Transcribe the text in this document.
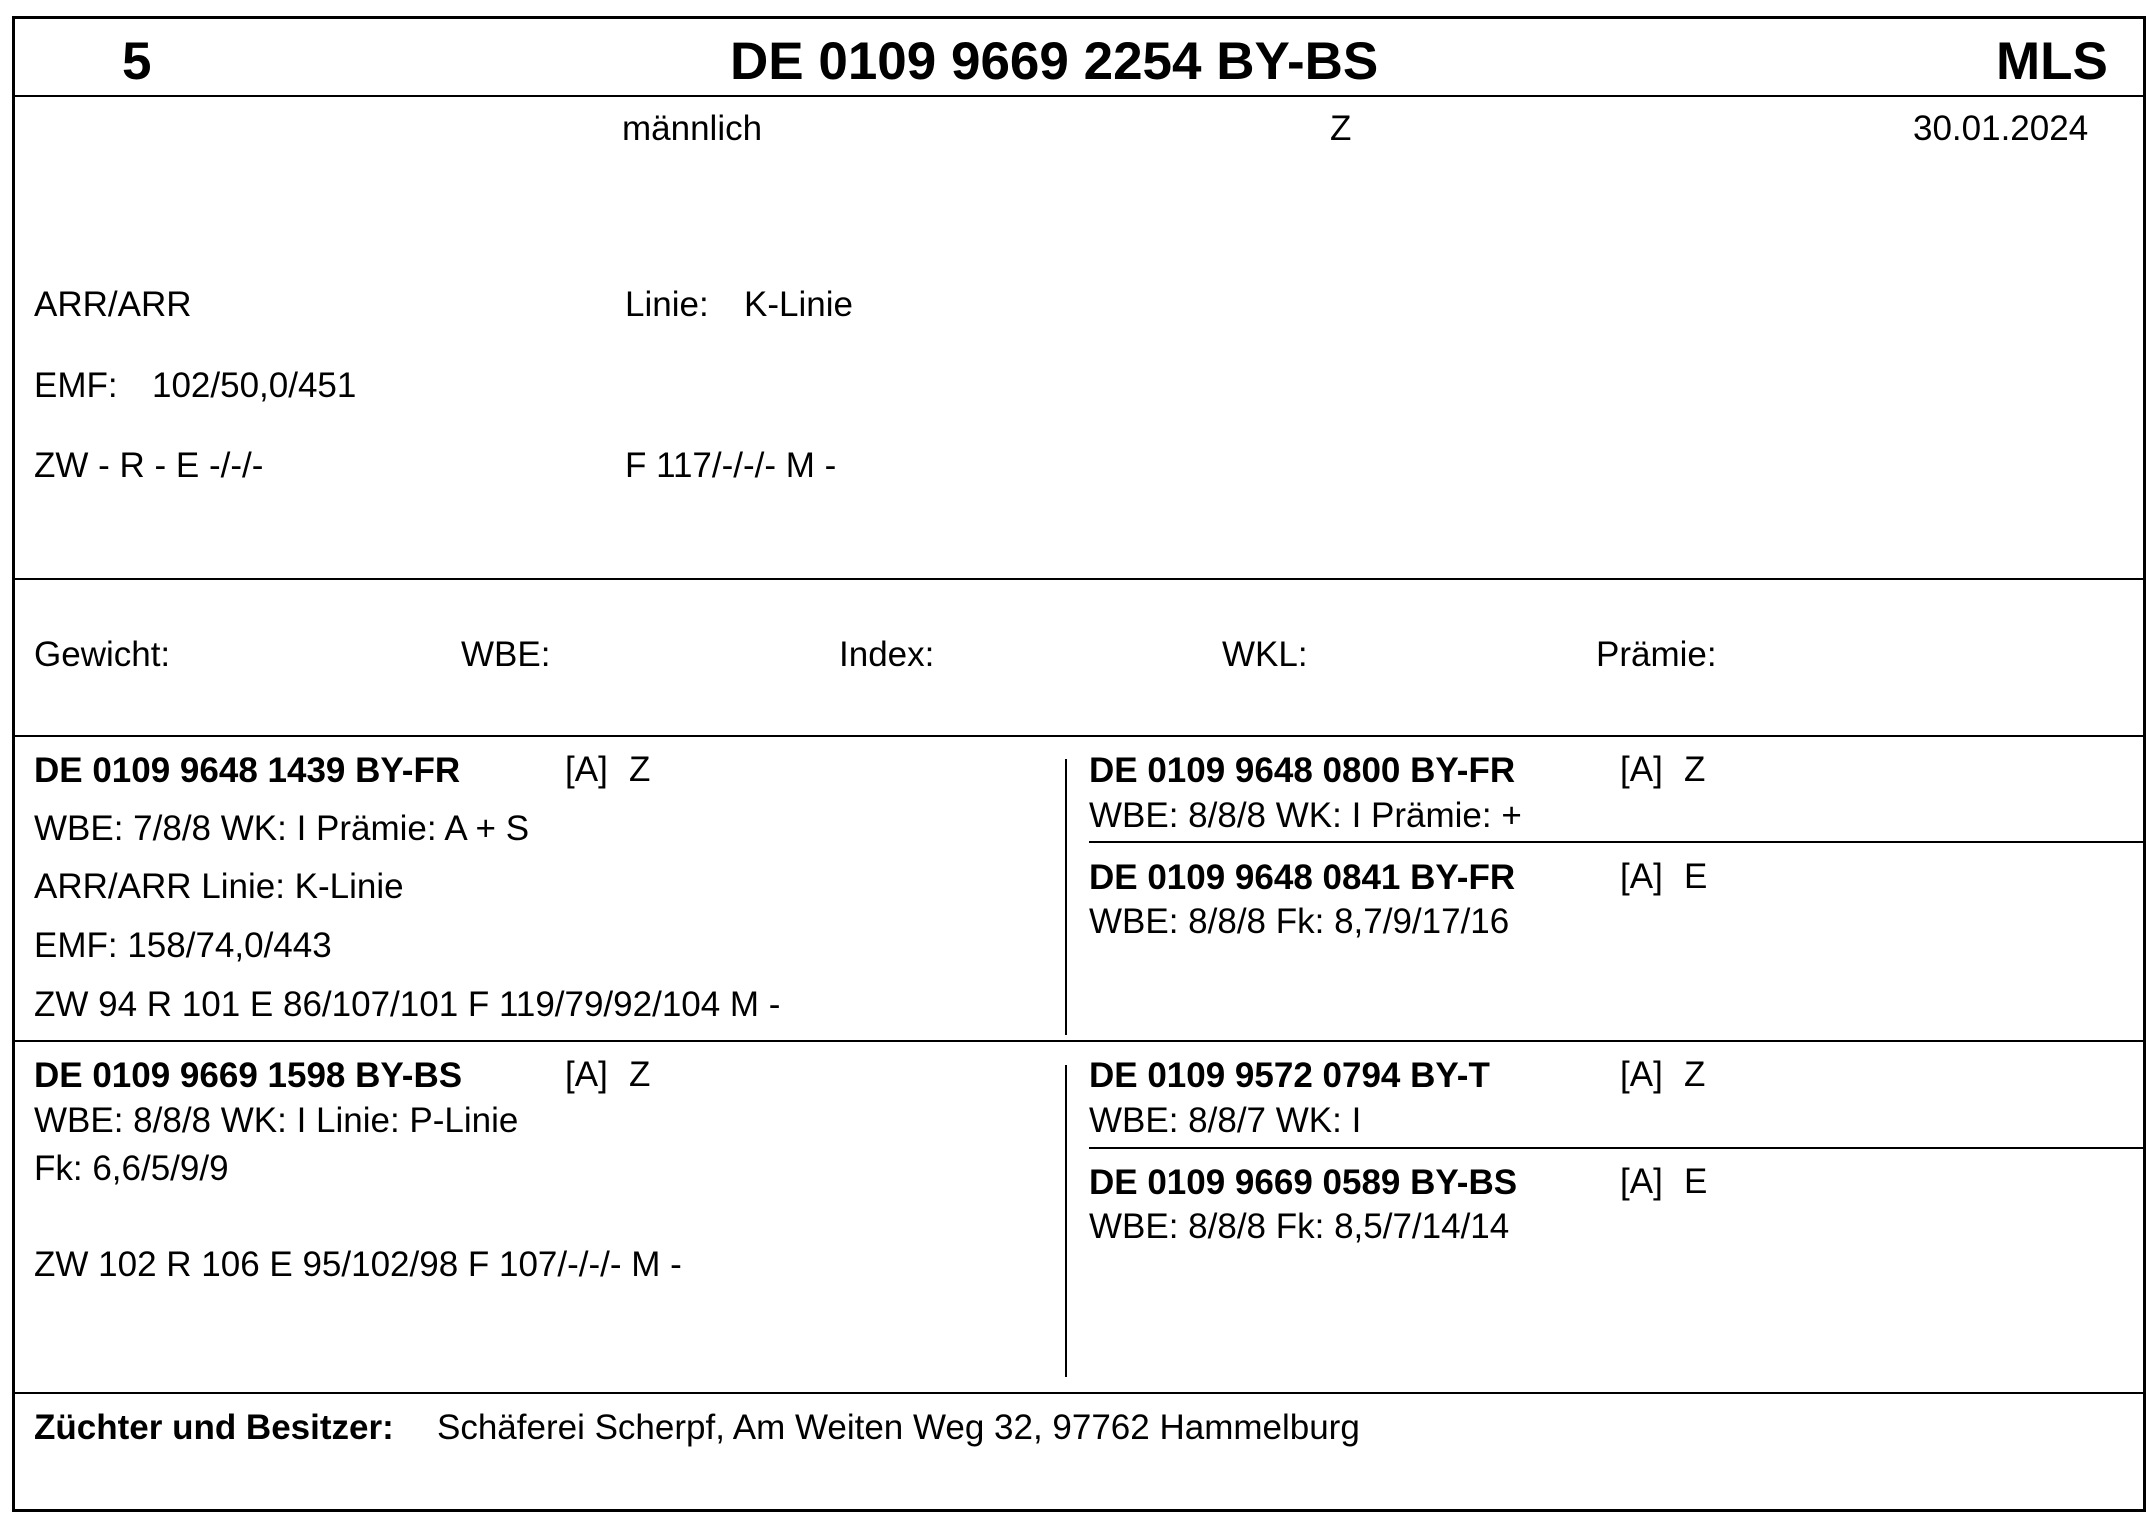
5	DE 0109 9669 2254 BY-BS	MLS
männlich	Z	30.01.2024
ARR/ARR	Linie: K-Linie
EMF: 102/50,0/451
ZW - R - E -/-/-	F 117/-/-/- M -
Gewicht:	WBE:	Index:	WKL:	Prämie:
DE 0109 9648 1439 BY-FR	[A] Z
WBE: 7/8/8 WK: I Prämie: A + S
ARR/ARR Linie: K-Linie
EMF: 158/74,0/443
ZW 94 R 101 E 86/107/101 F 119/79/92/104 M -
DE 0109 9648 0800 BY-FR	[A] Z
WBE: 8/8/8 WK: I Prämie: +
DE 0109 9648 0841 BY-FR	[A] E
WBE: 8/8/8 Fk: 8,7/9/17/16
DE 0109 9669 1598 BY-BS	[A] Z
WBE: 8/8/8 WK: I Linie: P-Linie
Fk: 6,6/5/9/9
ZW 102 R 106 E 95/102/98 F 107/-/-/- M -
DE 0109 9572 0794 BY-T	[A] Z
WBE: 8/8/7 WK: I
DE 0109 9669 0589 BY-BS	[A] E
WBE: 8/8/8 Fk: 8,5/7/14/14
Züchter und Besitzer: Schäferei Scherpf, Am Weiten Weg 32, 97762 Hammelburg
